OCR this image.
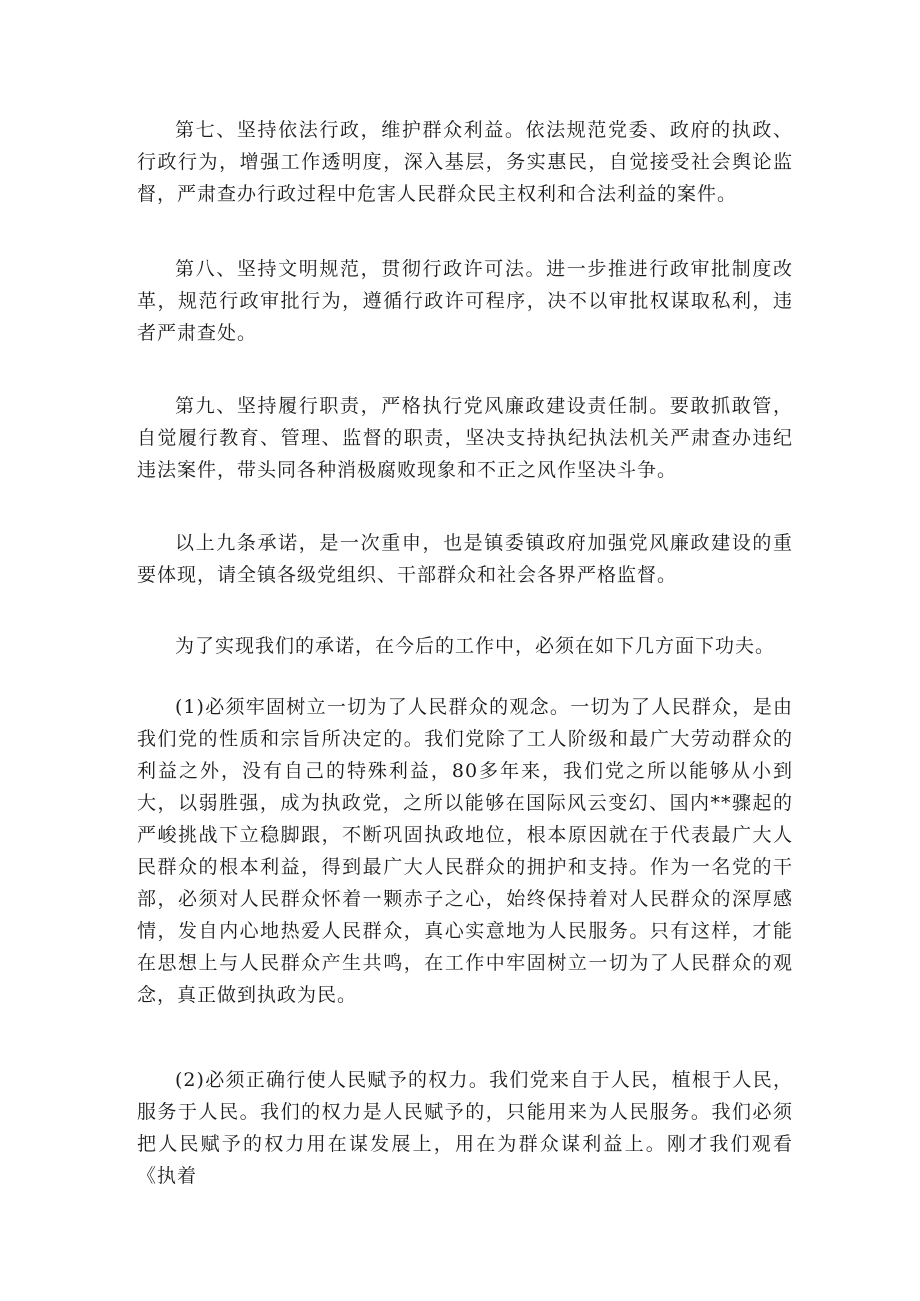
第七、坚持依法行政，维护群众利益。依法规范党委、政府的执政、行政行为，增强工作透明度，深入基层，务实惠民，自觉接受社会舆论监督，严肃查办行政过程中危害人民群众民主权利和合法利益的案件。

第八、坚持文明规范，贯彻行政许可法。进一步推进行政审批制度改革，规范行政审批行为，遵循行政许可程序，决不以审批权谋取私利，违者严肃查处。

第九、坚持履行职责，严格执行党风廉政建设责任制。要敢抓敢管，自觉履行教育、管理、监督的职责，坚决支持执纪执法机关严肃查办违纪违法案件，带头同各种消极腐败现象和不正之风作坚决斗争。

以上九条承诺，是一次重申，也是镇委镇政府加强党风廉政建设的重要体现，请全镇各级党组织、干部群众和社会各界严格监督。

为了实现我们的承诺，在今后的工作中，必须在如下几方面下功夫。

(1)必须牢固树立一切为了人民群众的观念。一切为了人民群众，是由我们党的性质和宗旨所决定的。我们党除了工人阶级和最广大劳动群众的利益之外，没有自己的特殊利益，80多年来，我们党之所以能够从小到大，以弱胜强，成为执政党，之所以能够在国际风云变幻、国内**骤起的严峻挑战下立稳脚跟，不断巩固执政地位，根本原因就在于代表最广大人民群众的根本利益，得到最广大人民群众的拥护和支持。作为一名党的干部，必须对人民群众怀着一颗赤子之心，始终保持着对人民群众的深厚感情，发自内心地热爱人民群众，真心实意地为人民服务。只有这样，才能在思想上与人民群众产生共鸣，在工作中牢固树立一切为了人民群众的观念，真正做到执政为民。

(2)必须正确行使人民赋予的权力。我们党来自于人民，植根于人民，服务于人民。我们的权力是人民赋予的，只能用来为人民服务。我们必须把人民赋予的权力用在谋发展上，用在为群众谋利益上。刚才我们观看《执着
